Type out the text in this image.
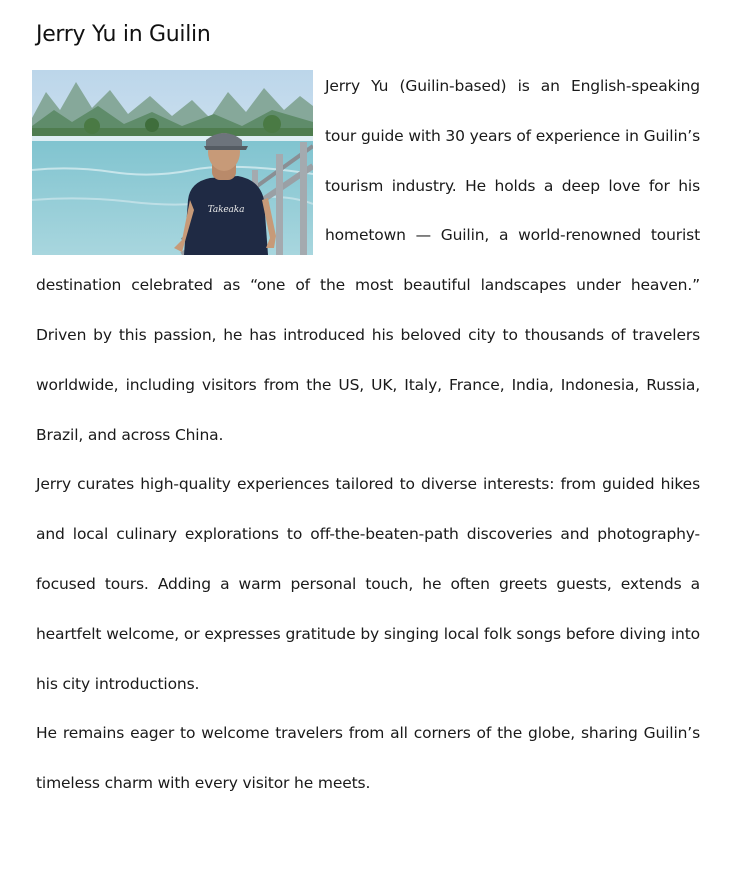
Jerry Yu in Guilin
Takeaka

Jerry Yu (Guilin-based) is an English-speaking tour guide with 30 years of experience in Guilin’s tourism industry. He holds a deep love for his hometown — Guilin, a world-renowned tourist destination celebrated as “one of the most beautiful landscapes under heaven.” Driven by this passion, he has introduced his beloved city to thousands of travelers worldwide, including visitors from the US, UK, Italy, France, India, Indonesia, Russia, Brazil, and across China.

Jerry curates high-quality experiences tailored to diverse interests: from guided hikes and local culinary explorations to off-the-beaten-path discoveries and photography-focused tours. Adding a warm personal touch, he often greets guests, extends a heartfelt welcome, or expresses gratitude by singing local folk songs before diving into his city introductions.

He remains eager to welcome travelers from all corners of the globe, sharing Guilin’s timeless charm with every visitor he meets.
